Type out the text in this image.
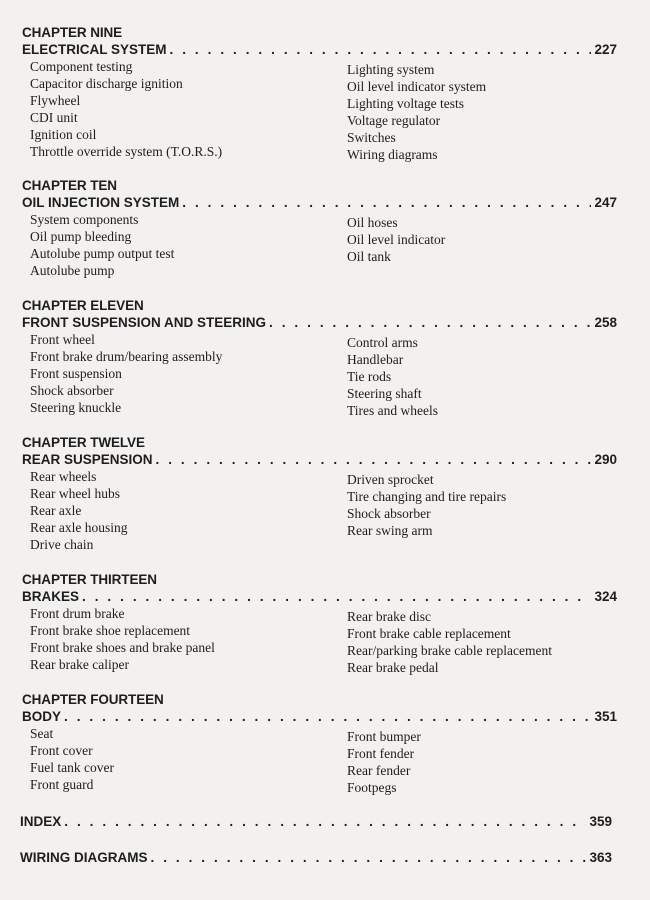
CHAPTER NINE
ELECTRICAL SYSTEM . . .	227
Component testing
Capacitor discharge ignition
Flywheel
CDI unit
Ignition coil
Throttle override system (T.O.R.S.)
Lighting system
Oil level indicator system
Lighting voltage tests
Voltage regulator
Switches
Wiring diagrams
CHAPTER TEN
OIL INJECTION SYSTEM . . .	247
System components
Oil pump bleeding
Autolube pump output test
Autolube pump
Oil hoses
Oil level indicator
Oil tank
CHAPTER ELEVEN
FRONT SUSPENSION AND STEERING . . .	258
Front wheel
Front brake drum/bearing assembly
Front suspension
Shock absorber
Steering knuckle
Control arms
Handlebar
Tie rods
Steering shaft
Tires and wheels
CHAPTER TWELVE
REAR SUSPENSION . . .	290
Rear wheels
Rear wheel hubs
Rear axle
Rear axle housing
Drive chain
Driven sprocket
Tire changing and tire repairs
Shock absorber
Rear swing arm
CHAPTER THIRTEEN
BRAKES . . .	324
Front drum brake
Front brake shoe replacement
Front brake shoes and brake panel
Rear brake caliper
Rear brake disc
Front brake cable replacement
Rear/parking brake cable replacement
Rear brake pedal
CHAPTER FOURTEEN
BODY . . .	351
Seat
Front cover
Fuel tank cover
Front guard
Front bumper
Front fender
Rear fender
Footpegs
INDEX . . .	359
WIRING DIAGRAMS . . .	363
